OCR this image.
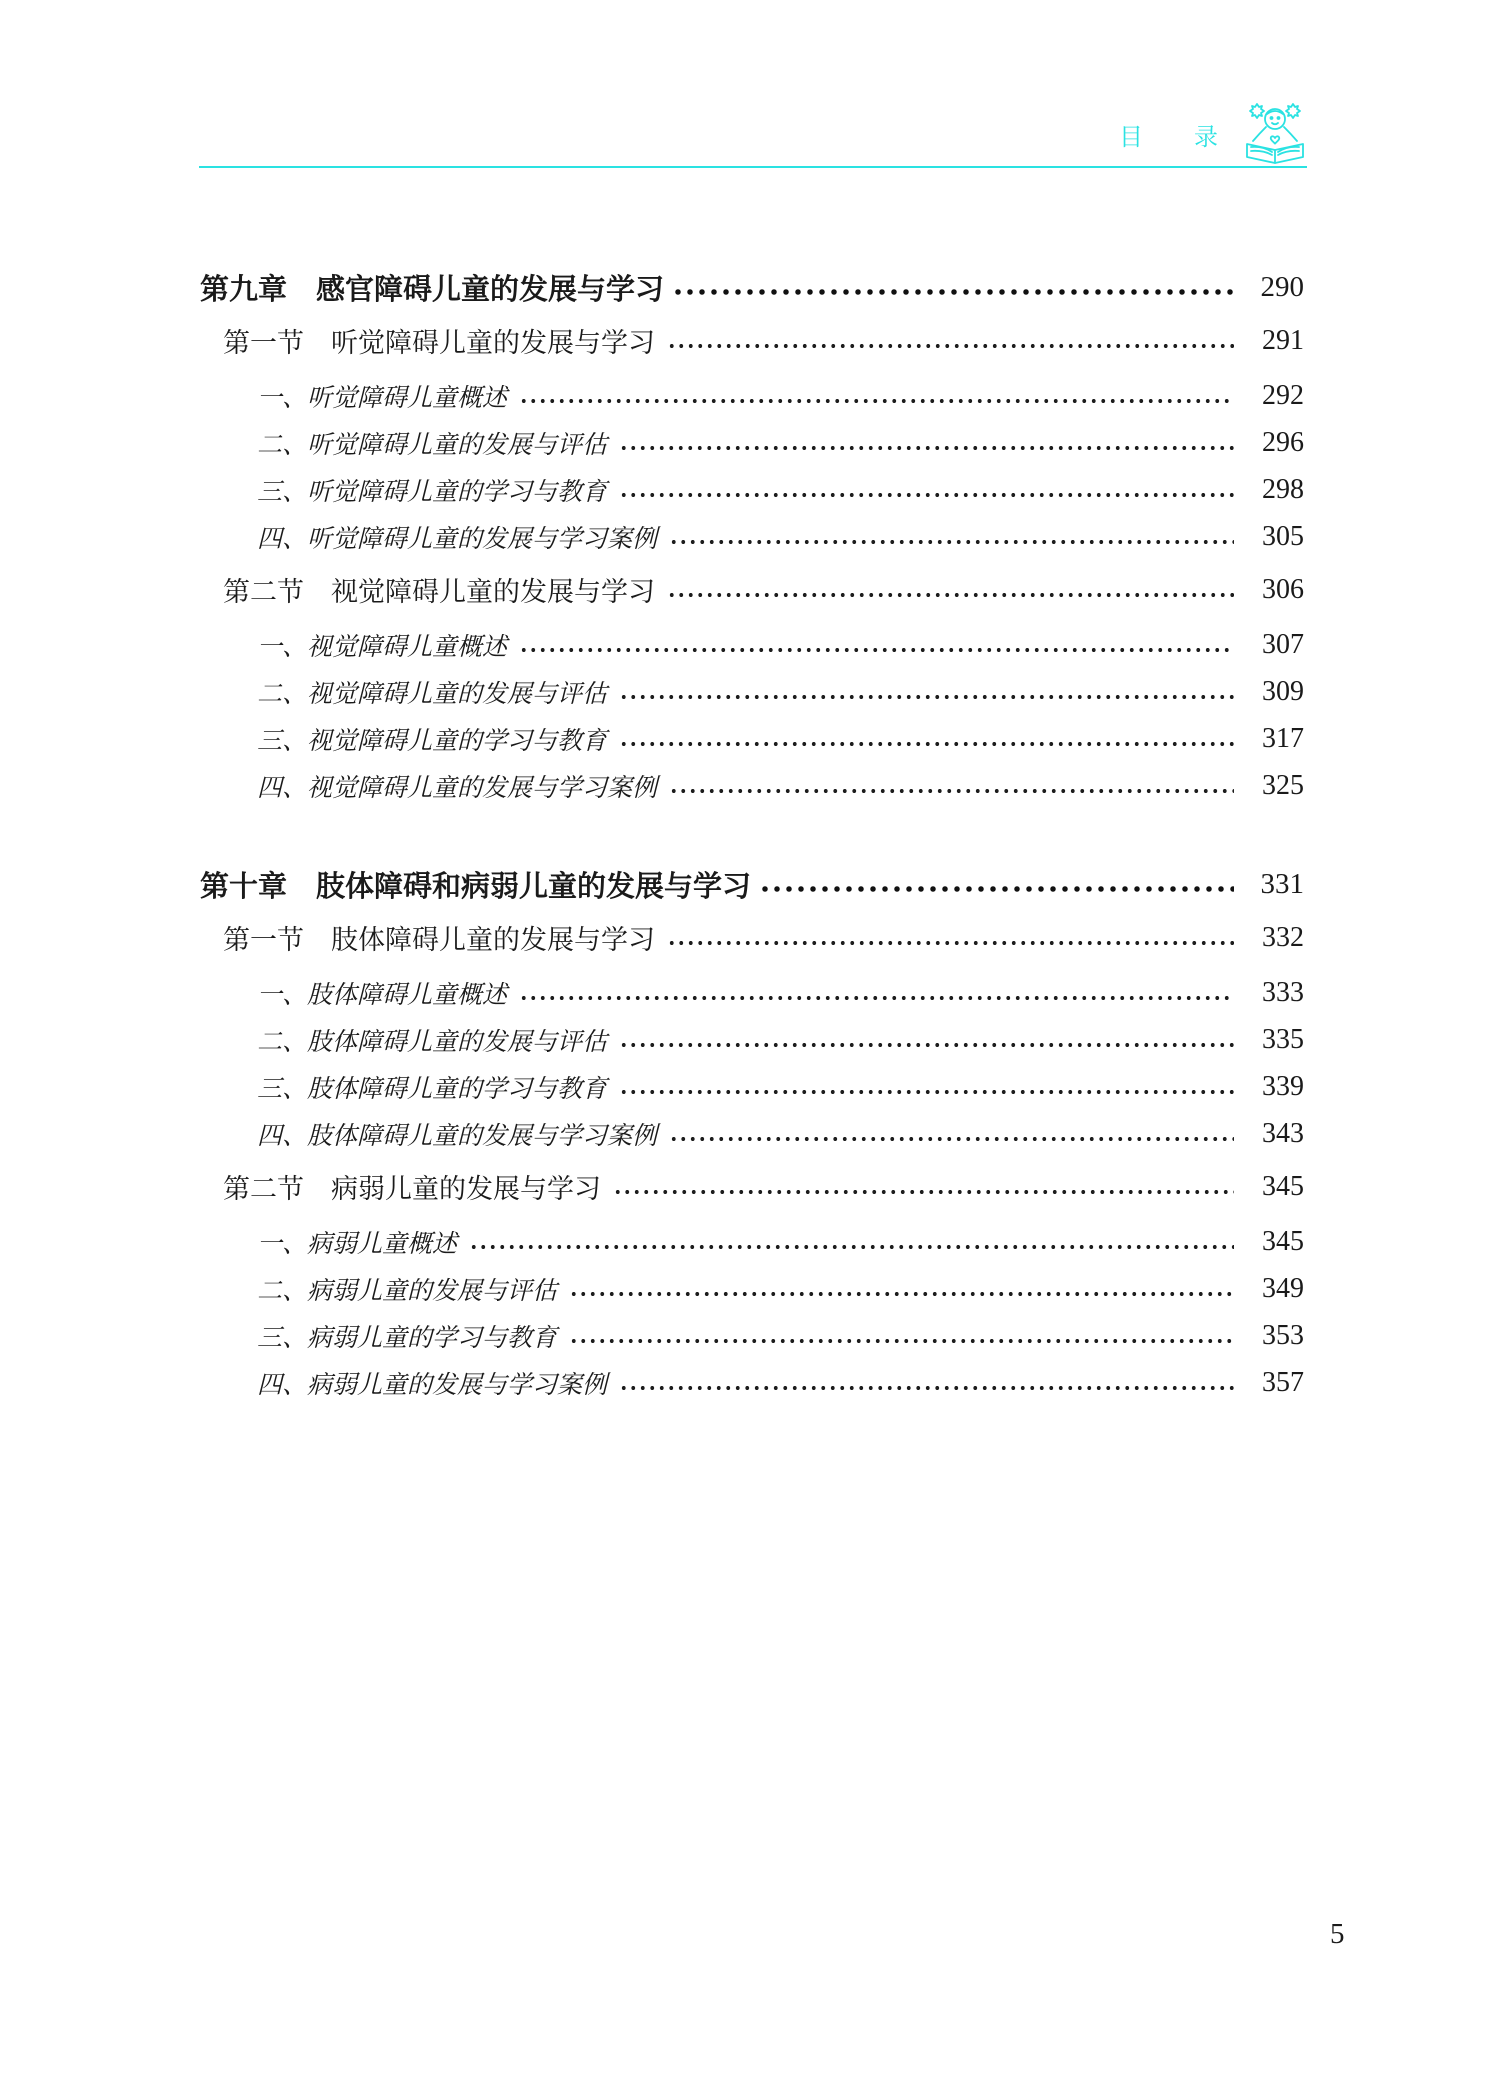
目 录
第九章　感官障碍儿童的发展与学习	290
第一节　听觉障碍儿童的发展与学习	291
一、听觉障碍儿童概述	292
二、听觉障碍儿童的发展与评估	296
三、听觉障碍儿童的学习与教育	298
四、听觉障碍儿童的发展与学习案例	305
第二节　视觉障碍儿童的发展与学习	306
一、视觉障碍儿童概述	307
二、视觉障碍儿童的发展与评估	309
三、视觉障碍儿童的学习与教育	317
四、视觉障碍儿童的发展与学习案例	325
第十章　肢体障碍和病弱儿童的发展与学习	331
第一节　肢体障碍儿童的发展与学习	332
一、肢体障碍儿童概述	333
二、肢体障碍儿童的发展与评估	335
三、肢体障碍儿童的学习与教育	339
四、肢体障碍儿童的发展与学习案例	343
第二节　病弱儿童的发展与学习	345
一、病弱儿童概述	345
二、病弱儿童的发展与评估	349
三、病弱儿童的学习与教育	353
四、病弱儿童的发展与学习案例	357
5
